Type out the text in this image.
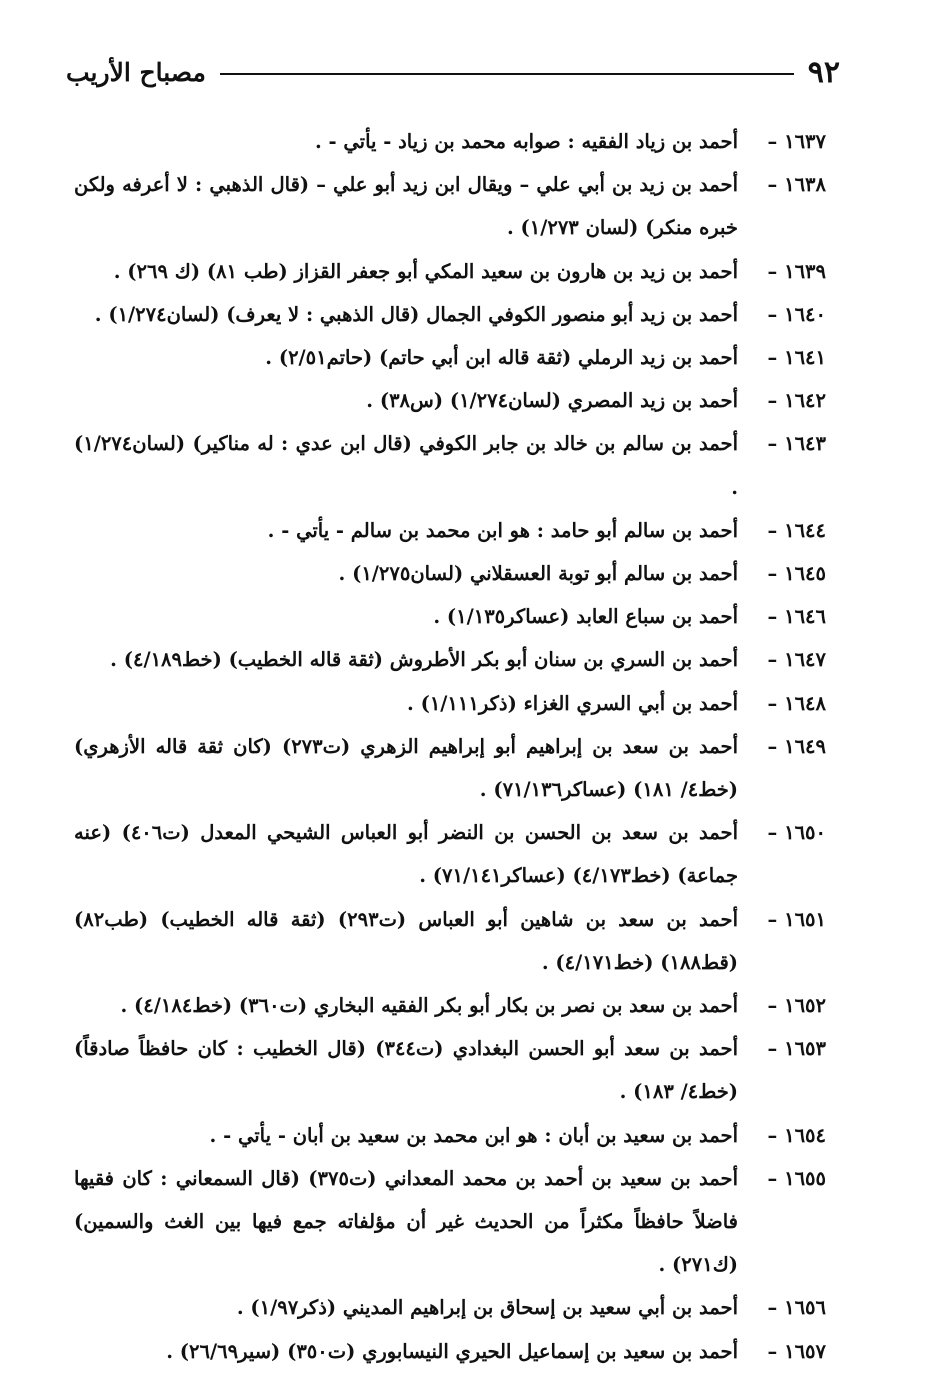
٩٢
مصباح الأريب
١٦٣٧ –
أحمد بن زياد الفقيه : صوابه محمد بن زياد - يأتي - .
١٦٣٨ –
أحمد بن زيد بن أبي علي – ويقال ابن زيد أبو علي – (قال الذهبي : لا أعرفه ولكن خبره منكر) (لسان ١/٢٧٣) .
١٦٣٩ –
أحمد بن زيد بن هارون بن سعيد المكي أبو جعفر القزاز (طب ٨١) (ك ٢٦٩) .
١٦٤٠ –
أحمد بن زيد أبو منصور الكوفي الجمال (قال الذهبي : لا يعرف) (لسان١/٢٧٤) .
١٦٤١ –
أحمد بن زيد الرملي (ثقة قاله ابن أبي حاتم) (حاتم٢/٥١) .
١٦٤٢ –
أحمد بن زيد المصري (لسان١/٢٧٤) (س٣٨) .
١٦٤٣ –
أحمد بن سالم بن خالد بن جابر الكوفي (قال ابن عدي : له مناكير) (لسان١/٢٧٤) .
١٦٤٤ –
أحمد بن سالم أبو حامد : هو ابن محمد بن سالم - يأتي - .
١٦٤٥ –
أحمد بن سالم أبو توبة العسقلاني (لسان١/٢٧٥) .
١٦٤٦ –
أحمد بن سباع العابد (عساكر١/١٣٥) .
١٦٤٧ –
أحمد بن السري بن سنان أبو بكر الأطروش (ثقة قاله الخطيب) (خط٤/١٨٩) .
١٦٤٨ –
أحمد بن أبي السري الغزاء (ذكر١/١١١) .
١٦٤٩ –
أحمد بن سعد بن إبراهيم أبو إبراهيم الزهري (ت٢٧٣) (كان ثقة قاله الأزهري) (خط٤/ ١٨١) (عساكر٧١/١٣٦) .
١٦٥٠ –
أحمد بن سعد بن الحسن بن النضر أبو العباس الشيحي المعدل (ت٤٠٦) (عنه جماعة) (خط٤/١٧٣) (عساكر٧١/١٤١) .
١٦٥١ –
أحمد بن سعد بن شاهين أبو العباس (ت٢٩٣) (ثقة قاله الخطيب) (طب٨٢) (قط١٨٨) (خط٤/١٧١) .
١٦٥٢ –
أحمد بن سعد بن نصر بن بكار أبو بكر الفقيه البخاري (ت٣٦٠) (خط٤/١٨٤) .
١٦٥٣ –
أحمد بن سعد أبو الحسن البغدادي (ت٣٤٤) (قال الخطيب : كان حافظاً صادقاً) (خط٤/ ١٨٣) .
١٦٥٤ –
أحمد بن سعيد بن أبان : هو ابن محمد بن سعيد بن أبان - يأتي - .
١٦٥٥ –
أحمد بن سعيد بن أحمد بن محمد المعداني (ت٣٧٥) (قال السمعاني : كان فقيها فاضلاً حافظاً مكثراً من الحديث غير أن مؤلفاته جمع فيها بين الغث والسمين) (ك٢٧١) .
١٦٥٦ –
أحمد بن أبي سعيد بن إسحاق بن إبراهيم المديني (ذكر١/٩٧) .
١٦٥٧ –
أحمد بن سعيد بن إسماعيل الحيري النيسابوري (ت٣٥٠) (سير٢٦/٦٩) .
